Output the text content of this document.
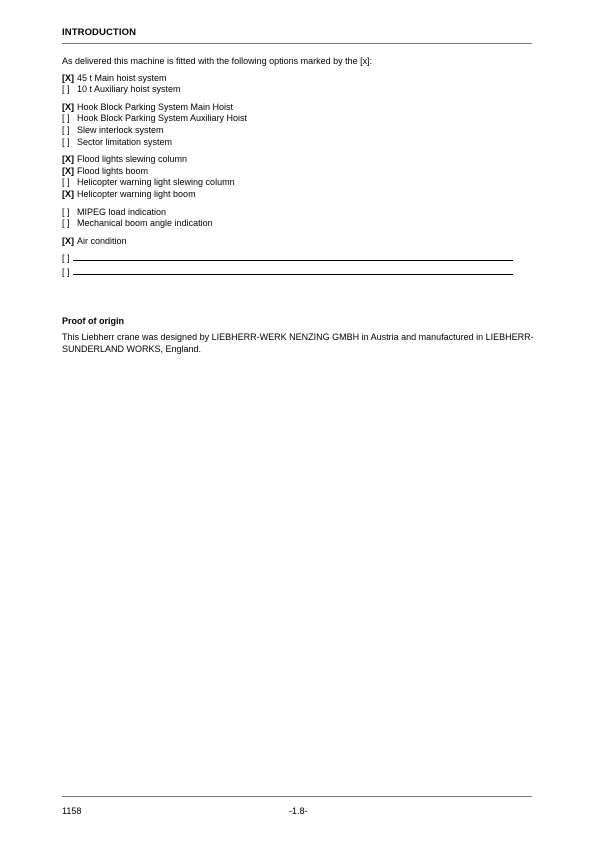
INTRODUCTION
As delivered this machine is fitted with the following options marked by the [x]:
[X] 45 t Main hoist system
[ ] 10 t Auxiliary hoist system
[X] Hook Block Parking System Main Hoist
[ ] Hook Block Parking System Auxiliary Hoist
[ ] Slew interlock system
[ ] Sector limitation system
[X] Flood lights slewing column
[X] Flood lights boom
[ ] Helicopter warning light slewing column
[X] Helicopter warning light boom
[ ] MIPEG load indication
[ ] Mechanical boom angle indication
[X] Air condition
[ ]
[ ]
Proof of origin
This Liebherr crane was designed by LIEBHERR-WERK NENZING GMBH in Austria and manufactured in LIEBHERR-SUNDERLAND WORKS, England.
1158	-1.8-
